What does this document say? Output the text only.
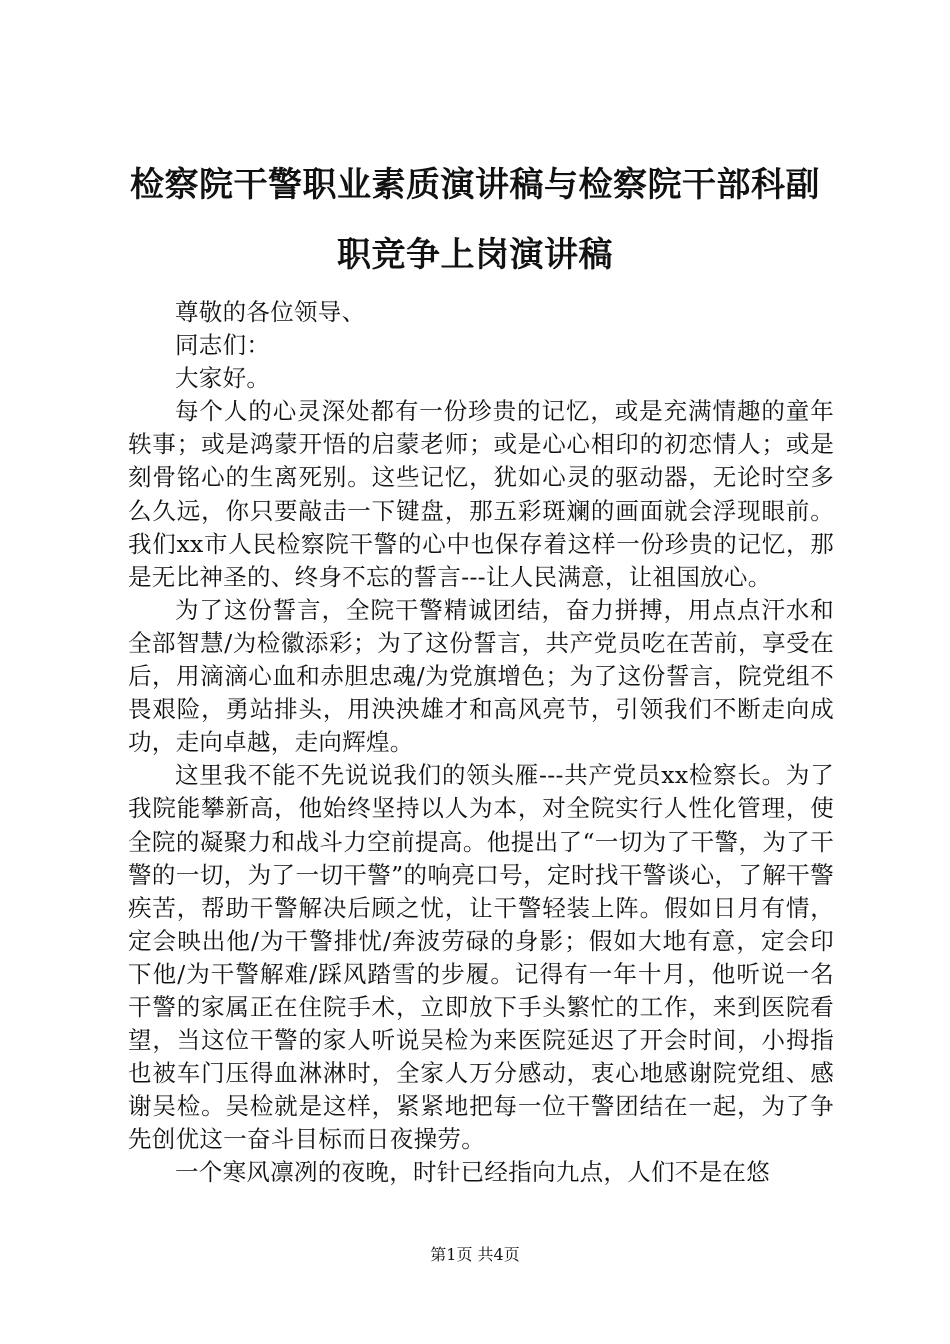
检察院干警职业素质演讲稿与检察院干部科副
职竞争上岗演讲稿

尊敬的各位领导、

同志们：

大家好。

每个人的心灵深处都有一份珍贵的记忆，或是充满情趣的童年轶事；或是鸿蒙开悟的启蒙老师；或是心心相印的初恋情人；或是刻骨铭心的生离死别。这些记忆，犹如心灵的驱动器，无论时空多么久远，你只要敲击一下键盘，那五彩斑斓的画面就会浮现眼前。我们xx市人民检察院干警的心中也保存着这样一份珍贵的记忆，那是无比神圣的、终身不忘的誓言---让人民满意，让祖国放心。

为了这份誓言，全院干警精诚团结，奋力拼搏，用点点汗水和全部智慧/为检徽添彩；为了这份誓言，共产党员吃在苦前，享受在后，用滴滴心血和赤胆忠魂/为党旗增色；为了这份誓言，院党组不畏艰险，勇站排头，用泱泱雄才和高风亮节，引领我们不断走向成功，走向卓越，走向辉煌。

这里我不能不先说说我们的领头雁---共产党员xx检察长。为了我院能攀新高，他始终坚持以人为本，对全院实行人性化管理，使全院的凝聚力和战斗力空前提高。他提出了“一切为了干警，为了干警的一切，为了一切干警”的响亮口号，定时找干警谈心，了解干警疾苦，帮助干警解决后顾之忧，让干警轻装上阵。假如日月有情，定会映出他/为干警排忧/奔波劳碌的身影；假如大地有意，定会印下他/为干警解难/踩风踏雪的步履。记得有一年十月，他听说一名干警的家属正在住院手术，立即放下手头繁忙的工作，来到医院看望，当这位干警的家人听说吴检为来医院延迟了开会时间，小拇指也被车门压得血淋淋时，全家人万分感动，衷心地感谢院党组、感谢吴检。吴检就是这样，紧紧地把每一位干警团结在一起，为了争先创优这一奋斗目标而日夜操劳。

一个寒风凛冽的夜晚，时针已经指向九点，人们不是在悠

第1页 共4页
